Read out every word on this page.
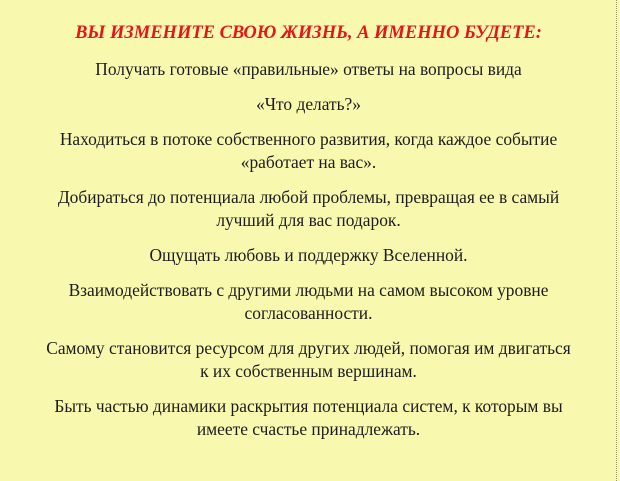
ВЫ ИЗМЕНИТЕ СВОЮ ЖИЗНЬ, А ИМЕННО БУДЕТЕ:

Получать готовые «правильные» ответы на вопросы вида

«Что делать?»

Находиться в потоке собственного развития, когда каждое событие
«работает на вас».

Добираться до потенциала любой проблемы, превращая ее в самый
лучший для вас подарок.

Ощущать любовь и поддержку Вселенной.

Взаимодействовать с другими людьми на самом высоком уровне
согласованности.

Самому становится ресурсом для других людей, помогая им двигаться
к их собственным вершинам.

Быть частью динамики раскрытия потенциала систем, к которым вы
имеете счастье принадлежать.
